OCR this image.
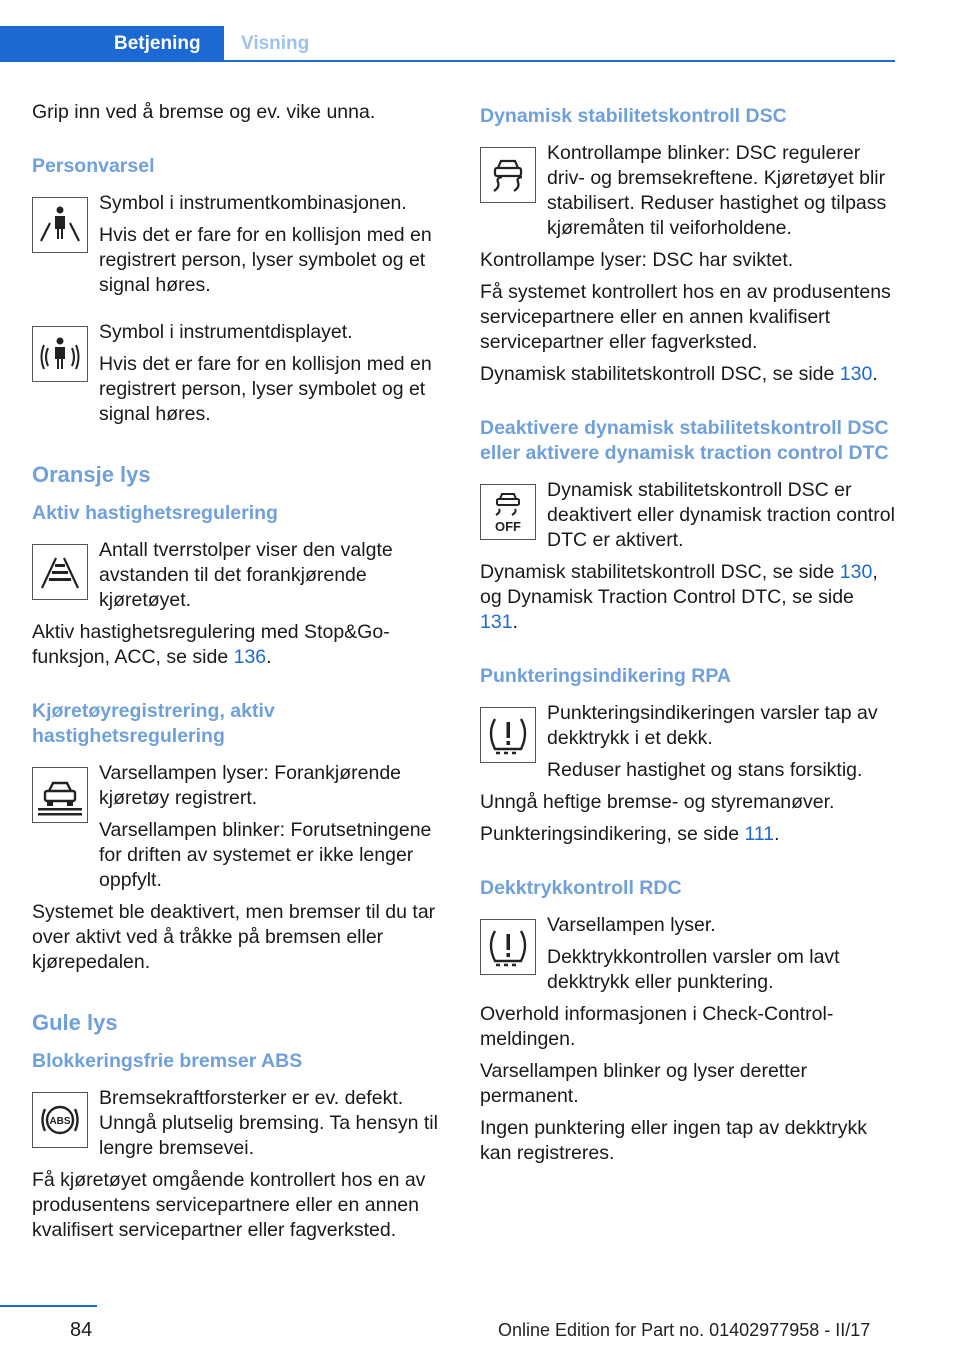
Betjening	Visning

Grip inn ved å bremse og ev. vike unna.

Personvarsel

Symbol i instrumentkombinasjonen.

Hvis det er fare for en kollisjon med en registrert person, lyser symbolet og et signal høres.

Symbol i instrumentdisplayet.

Hvis det er fare for en kollisjon med en registrert person, lyser symbolet og et signal høres.

Oransje lys
Aktiv hastighetsregulering

Antall tverrstolper viser den valgte avstanden til det forankjørende kjøretøyet.

Aktiv hastighetsregulering med Stop&Go-funksjon, ACC, se side 136.

Kjøretøyregistrering, aktiv hastighetsregulering

Varsellampen lyser: Forankjørende kjøretøy registrert.

Varsellampen blinker: Forutsetningene for driften av systemet er ikke lenger oppfylt.

Systemet ble deaktivert, men bremser til du tar over aktivt ved å tråkke på bremsen eller kjørepedalen.

Gule lys
Blokkeringsfrie bremser ABS
ABS

Bremsekraftforsterker er ev. defekt. Unngå plutselig bremsing. Ta hensyn til lengre bremsevei.

Få kjøretøyet omgående kontrollert hos en av produsentens servicepartnere eller en annen kvalifisert servicepartner eller fagverksted.

Dynamisk stabilitetskontroll DSC

Kontrollampe blinker: DSC regulerer driv- og bremsekreftene. Kjøretøyet blir stabilisert. Reduser hastighet og tilpass kjøremåten til veiforholdene.

Kontrollampe lyser: DSC har sviktet.

Få systemet kontrollert hos en av produsentens servicepartnere eller en annen kvalifisert servicepartner eller fagverksted.

Dynamisk stabilitetskontroll DSC, se side 130.

Deaktivere dynamisk stabilitetskontroll DSC eller aktivere dynamisk traction control DTC
OFF

Dynamisk stabilitetskontroll DSC er deaktivert eller dynamisk traction control DTC er aktivert.

Dynamisk stabilitetskontroll DSC, se side 130, og Dynamisk Traction Control DTC, se side 131.

Punkteringsindikering RPA

Punkteringsindikeringen varsler tap av dekktrykk i et dekk.

Reduser hastighet og stans forsiktig.

Unngå heftige bremse- og styremanøver.

Punkteringsindikering, se side 111.

Dekktrykkontroll RDC

Varsellampen lyser.

Dekktrykkontrollen varsler om lavt dekktrykk eller punktering.

Overhold informasjonen i Check-Control-meldingen.

Varsellampen blinker og lyser deretter permanent.

Ingen punktering eller ingen tap av dekktrykk kan registreres.

84	Online Edition for Part no. 01402977958 - II/17
